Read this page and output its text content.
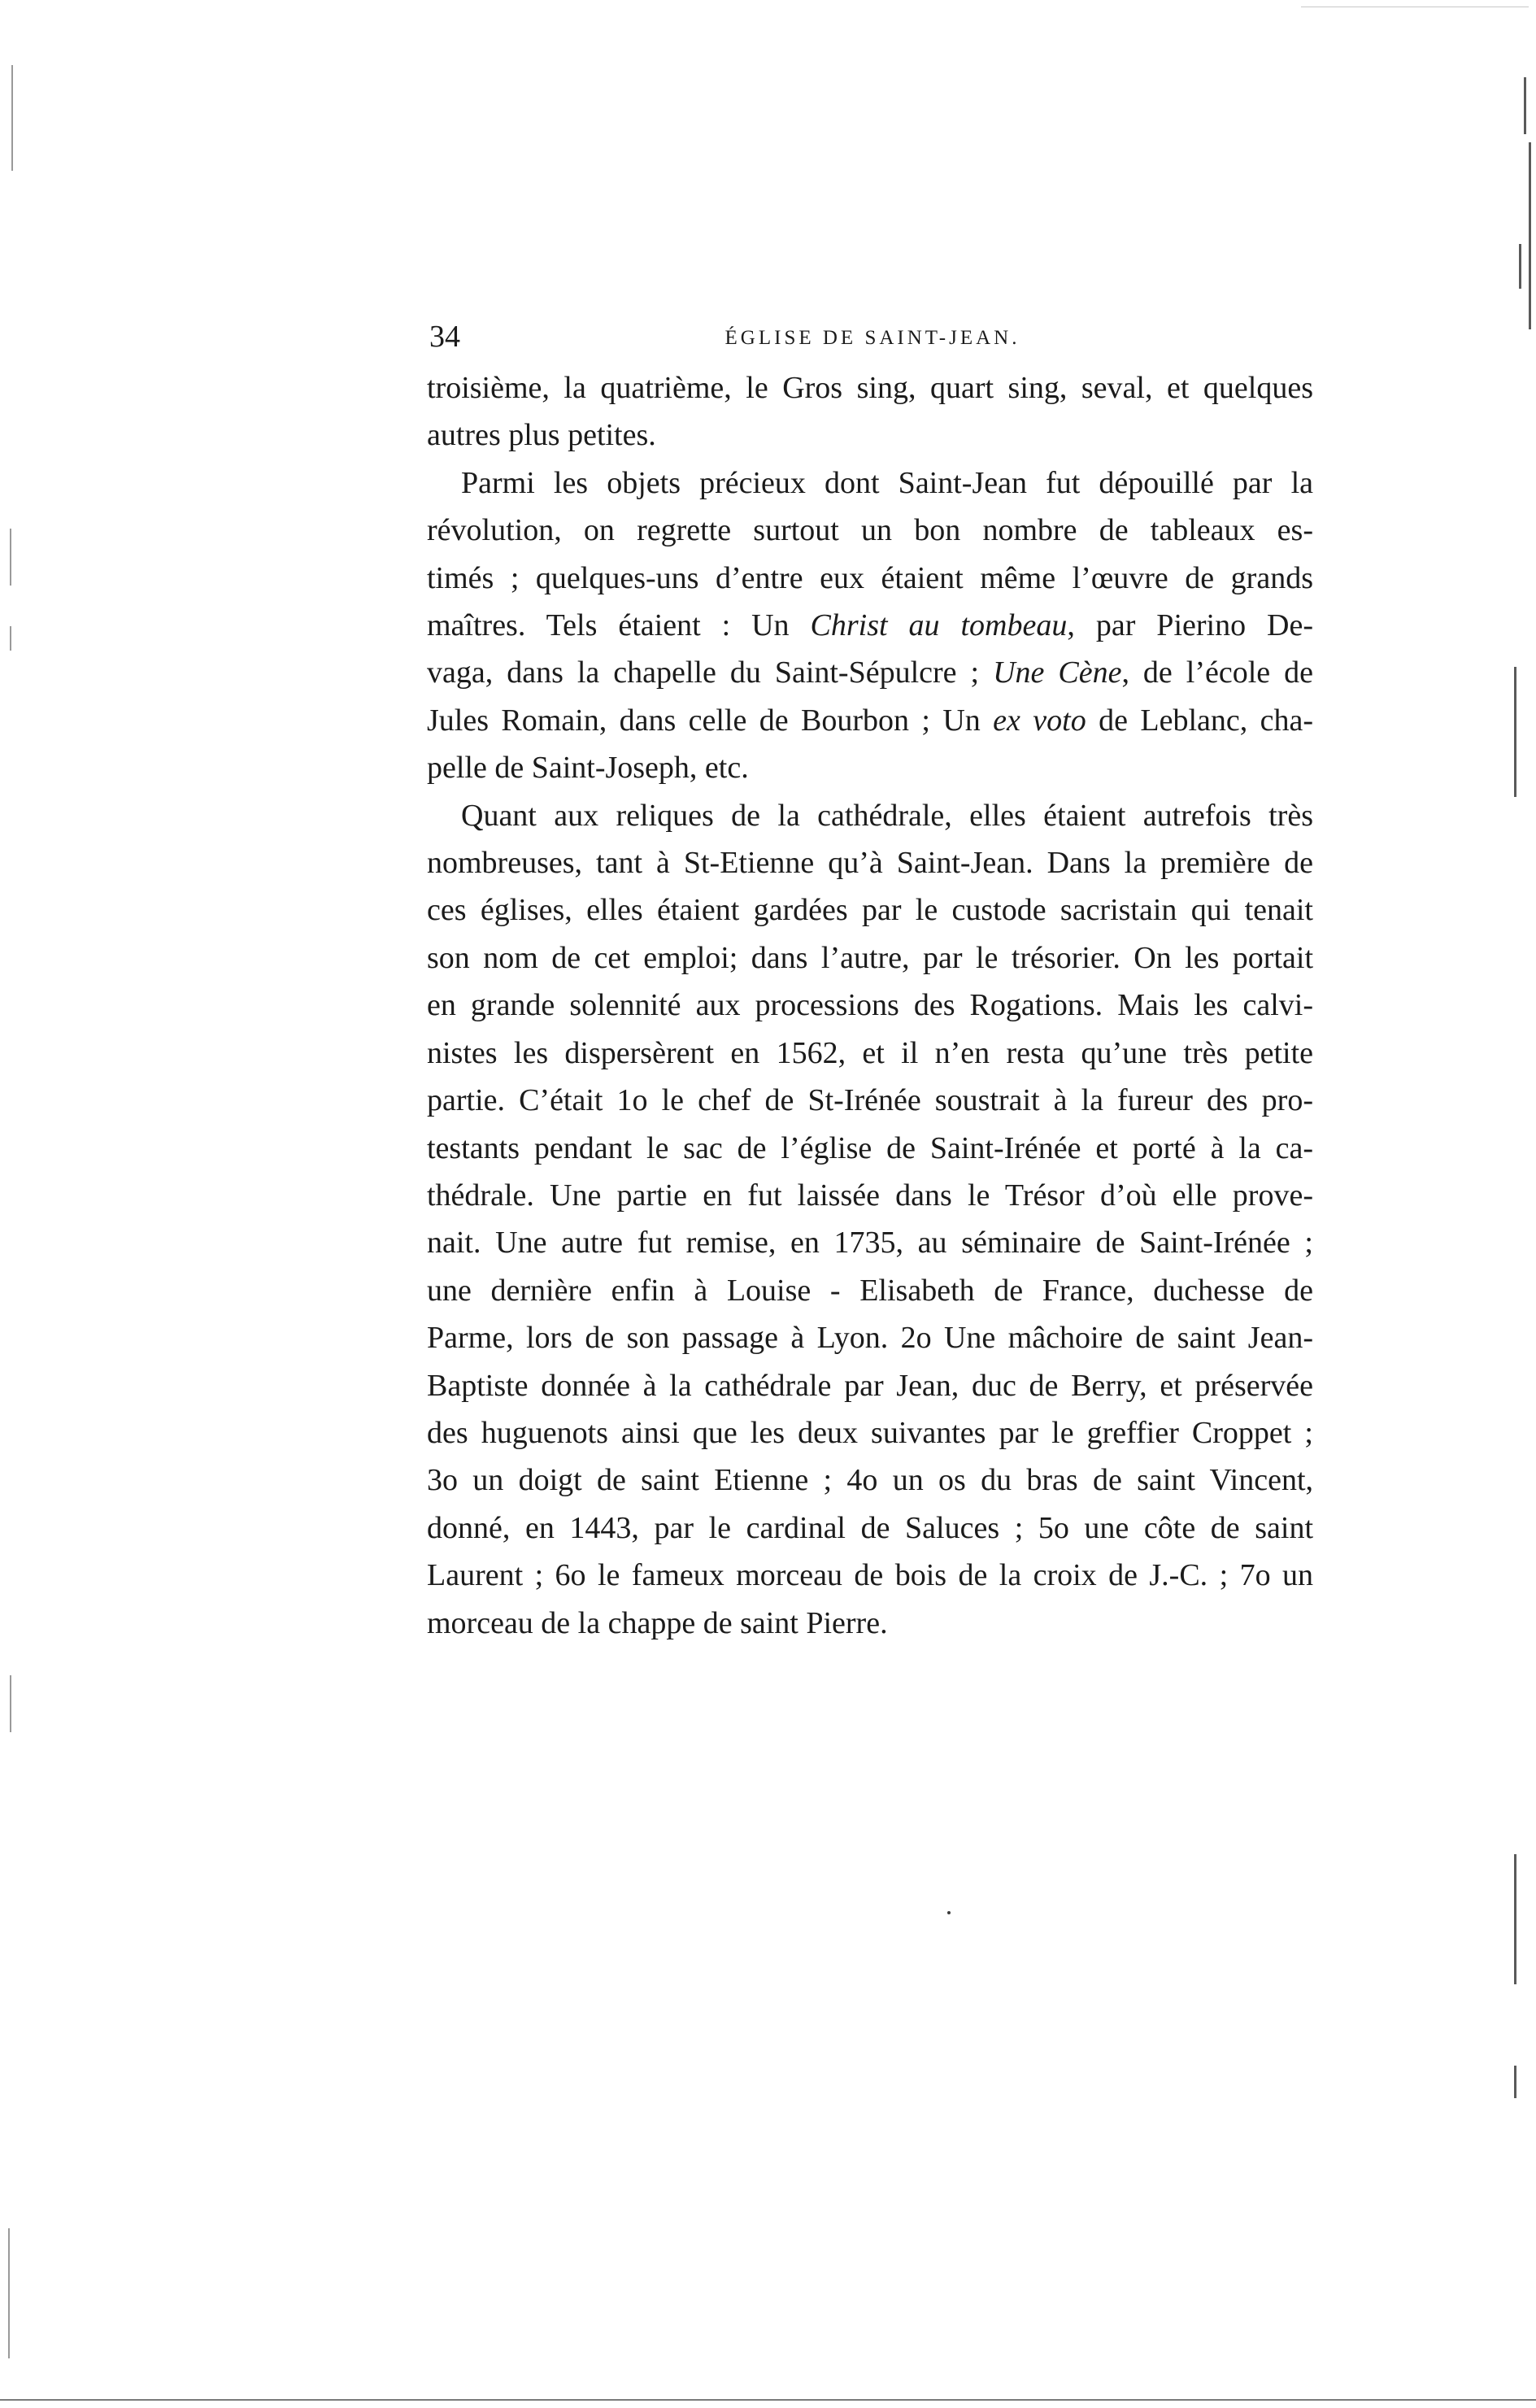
34	ÉGLISE DE SAINT-JEAN.

troisième, la quatrième, le Gros sing, quart sing, seval, et quelques
autres plus petites.

Parmi les objets précieux dont Saint-Jean fut dépouillé par la
révolution, on regrette surtout un bon nombre de tableaux es-
timés ; quelques-uns d’entre eux étaient même l’œuvre de grands
maîtres. Tels étaient : Un Christ au tombeau, par Pierino De-
vaga, dans la chapelle du Saint-Sépulcre ; Une Cène, de l’école de
Jules Romain, dans celle de Bourbon ; Un ex voto de Leblanc, cha-
pelle de Saint-Joseph, etc.

Quant aux reliques de la cathédrale, elles étaient autrefois très
nombreuses, tant à St-Etienne qu’à Saint-Jean. Dans la première de
ces églises, elles étaient gardées par le custode sacristain qui tenait
son nom de cet emploi; dans l’autre, par le trésorier. On les portait
en grande solennité aux processions des Rogations. Mais les calvi-
nistes les dispersèrent en 1562, et il n’en resta qu’une très petite
partie. C’était 1o le chef de St-Irénée soustrait à la fureur des pro-
testants pendant le sac de l’église de Saint-Irénée et porté à la ca-
thédrale. Une partie en fut laissée dans le Trésor d’où elle prove-
nait. Une autre fut remise, en 1735, au séminaire de Saint-Irénée ;
une dernière enfin à Louise - Elisabeth de France, duchesse de
Parme, lors de son passage à Lyon. 2o Une mâchoire de saint Jean-
Baptiste donnée à la cathédrale par Jean, duc de Berry, et préservée
des huguenots ainsi que les deux suivantes par le greffier Croppet ;
3o un doigt de saint Etienne ; 4o un os du bras de saint Vincent,
donné, en 1443, par le cardinal de Saluces ; 5o une côte de saint
Laurent ; 6o le fameux morceau de bois de la croix de J.-C. ; 7o un
morceau de la chappe de saint Pierre.
